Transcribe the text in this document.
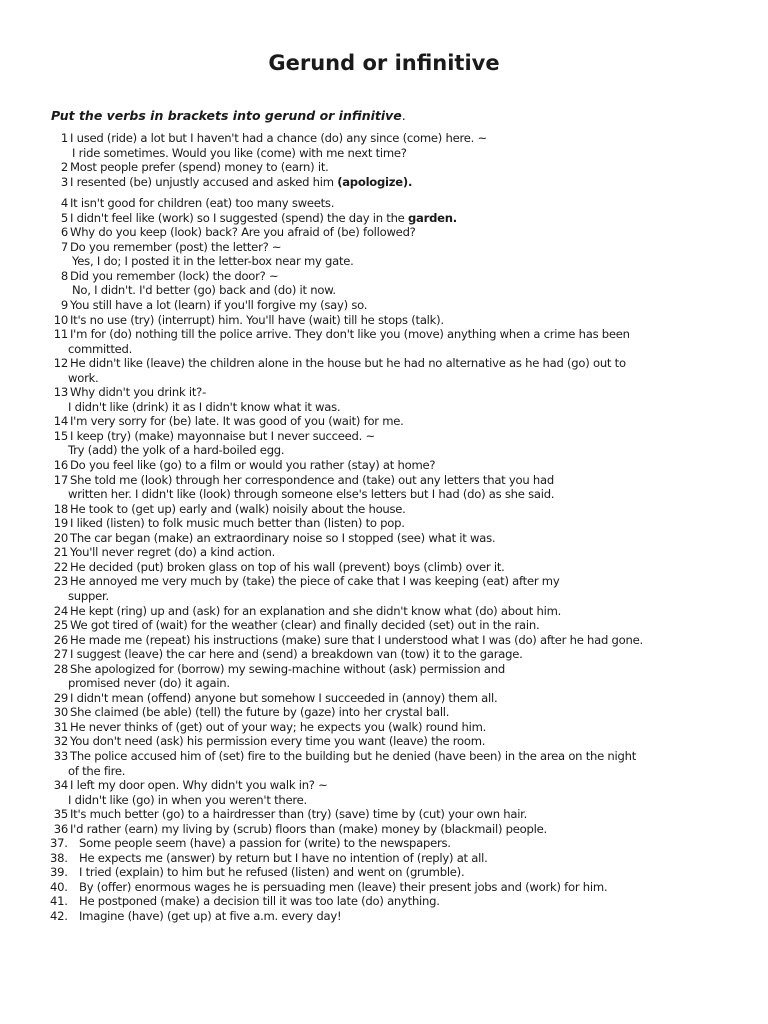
Gerund or infinitive

Put the verbs in brackets into gerund or infinitive.

1 I used (ride) a lot but I haven't had a chance (do) any since (come) here. ~
I ride sometimes. Would you like (come) with me next time?
2 Most people prefer (spend) money to (earn) it.
3 I resented (be) unjustly accused and asked him (apologize).
4 It isn't good for children (eat) too many sweets.
5 I didn't feel like (work) so I suggested (spend) the day in the garden.
6 Why do you keep (look) back? Are you afraid of (be) followed?
7 Do you remember (post) the letter? ~
Yes, I do; I posted it in the letter-box near my gate.
8 Did you remember (lock) the door? ~
No, I didn't. I'd better (go) back and (do) it now.
9 You still have a lot (learn) if you'll forgive my (say) so.
10 It's no use (try) (interrupt) him. You'll have (wait) till he stops (talk).
11 I'm for (do) nothing till the police arrive. They don't like you (move) anything when a crime has been
committed.
12 He didn't like (leave) the children alone in the house but he had no alternative as he had (go) out to
work.
13 Why didn't you drink it?-
I didn't like (drink) it as I didn't know what it was.
14 I'm very sorry for (be) late. It was good of you (wait) for me.
15 I keep (try) (make) mayonnaise but I never succeed. ~
Try (add) the yolk of a hard-boiled egg.
16 Do you feel like (go) to a film or would you rather (stay) at home?
17 She told me (look) through her correspondence and (take) out any letters that you had
written her. I didn't like (look) through someone else's letters but I had (do) as she said.
18 He took to (get up) early and (walk) noisily about the house.
19 I liked (listen) to folk music much better than (listen) to pop.
20 The car began (make) an extraordinary noise so I stopped (see) what it was.
21 You'll never regret (do) a kind action.
22 He decided (put) broken glass on top of his wall (prevent) boys (climb) over it.
23 He annoyed me very much by (take) the piece of cake that I was keeping (eat) after my
supper.
24 He kept (ring) up and (ask) for an explanation and she didn't know what (do) about him.
25 We got tired of (wait) for the weather (clear) and finally decided (set) out in the rain.
26 He made me (repeat) his instructions (make) sure that I understood what I was (do) after he had gone.
27 I suggest (leave) the car here and (send) a breakdown van (tow) it to the garage.
28 She apologized for (borrow) my sewing-machine without (ask) permission and
promised never (do) it again.
29 I didn't mean (offend) anyone but somehow I succeeded in (annoy) them all.
30 She claimed (be able) (tell) the future by (gaze) into her crystal ball.
31 He never thinks of (get) out of your way; he expects you (walk) round him.
32 You don't need (ask) his permission every time you want (leave) the room.
33 The police accused him of (set) fire to the building but he denied (have been) in the area on the night
of the fire.
34 I left my door open. Why didn't you walk in? ~
I didn't like (go) in when you weren't there.
35 It's much better (go) to a hairdresser than (try) (save) time by (cut) your own hair.
36 I'd rather (earn) my living by (scrub) floors than (make) money by (blackmail) people.
37. Some people seem (have) a passion for (write) to the newspapers.
38. He expects me (answer) by return but I have no intention of (reply) at all.
39. I tried (explain) to him but he refused (listen) and went on (grumble).
40. By (offer) enormous wages he is persuading men (leave) their present jobs and (work) for him.
41. He postponed (make) a decision till it was too late (do) anything.
42. Imagine (have) (get up) at five a.m. every day!
